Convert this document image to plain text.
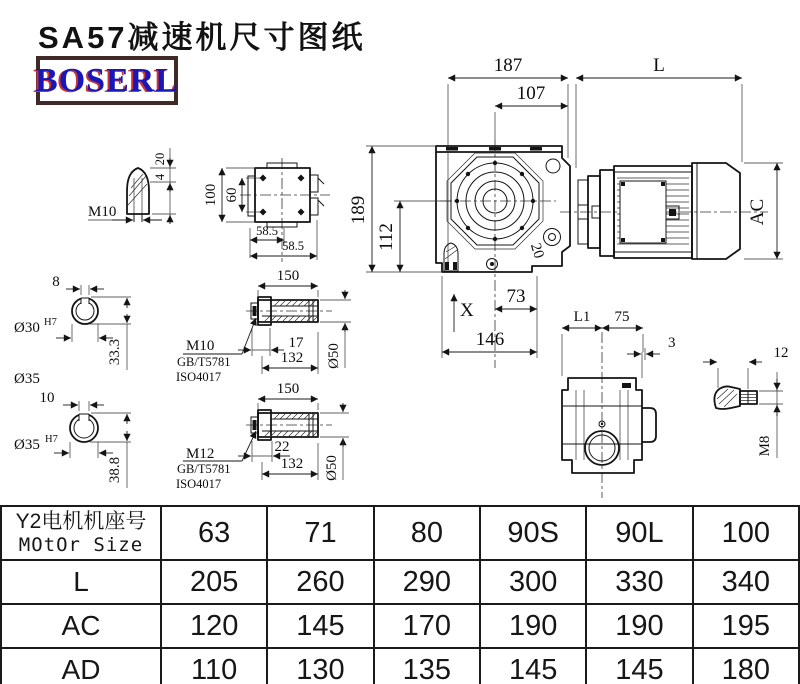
SA57减速机尺寸图纸
BOSERL
20
187	L
107
189
112
AC
73
146
X	L1 75
3
12
M8
M10
20
4
100 60
58.5
58.5
8
Ø30 H7
33.3
Ø35
150
17
132 Ø50
M10
GB/T5781
ISO4017
10
Ø35 H7
38.8
150
22
132 Ø50
M12
GB/T5781
ISO4017
Y2电机机座号
MOtOr Size	63	71	80	90S	90L	100
L	205	260	290	300	330	340
AC	120	145	170	190	190	195
AD	110	130	135	145	145	180
